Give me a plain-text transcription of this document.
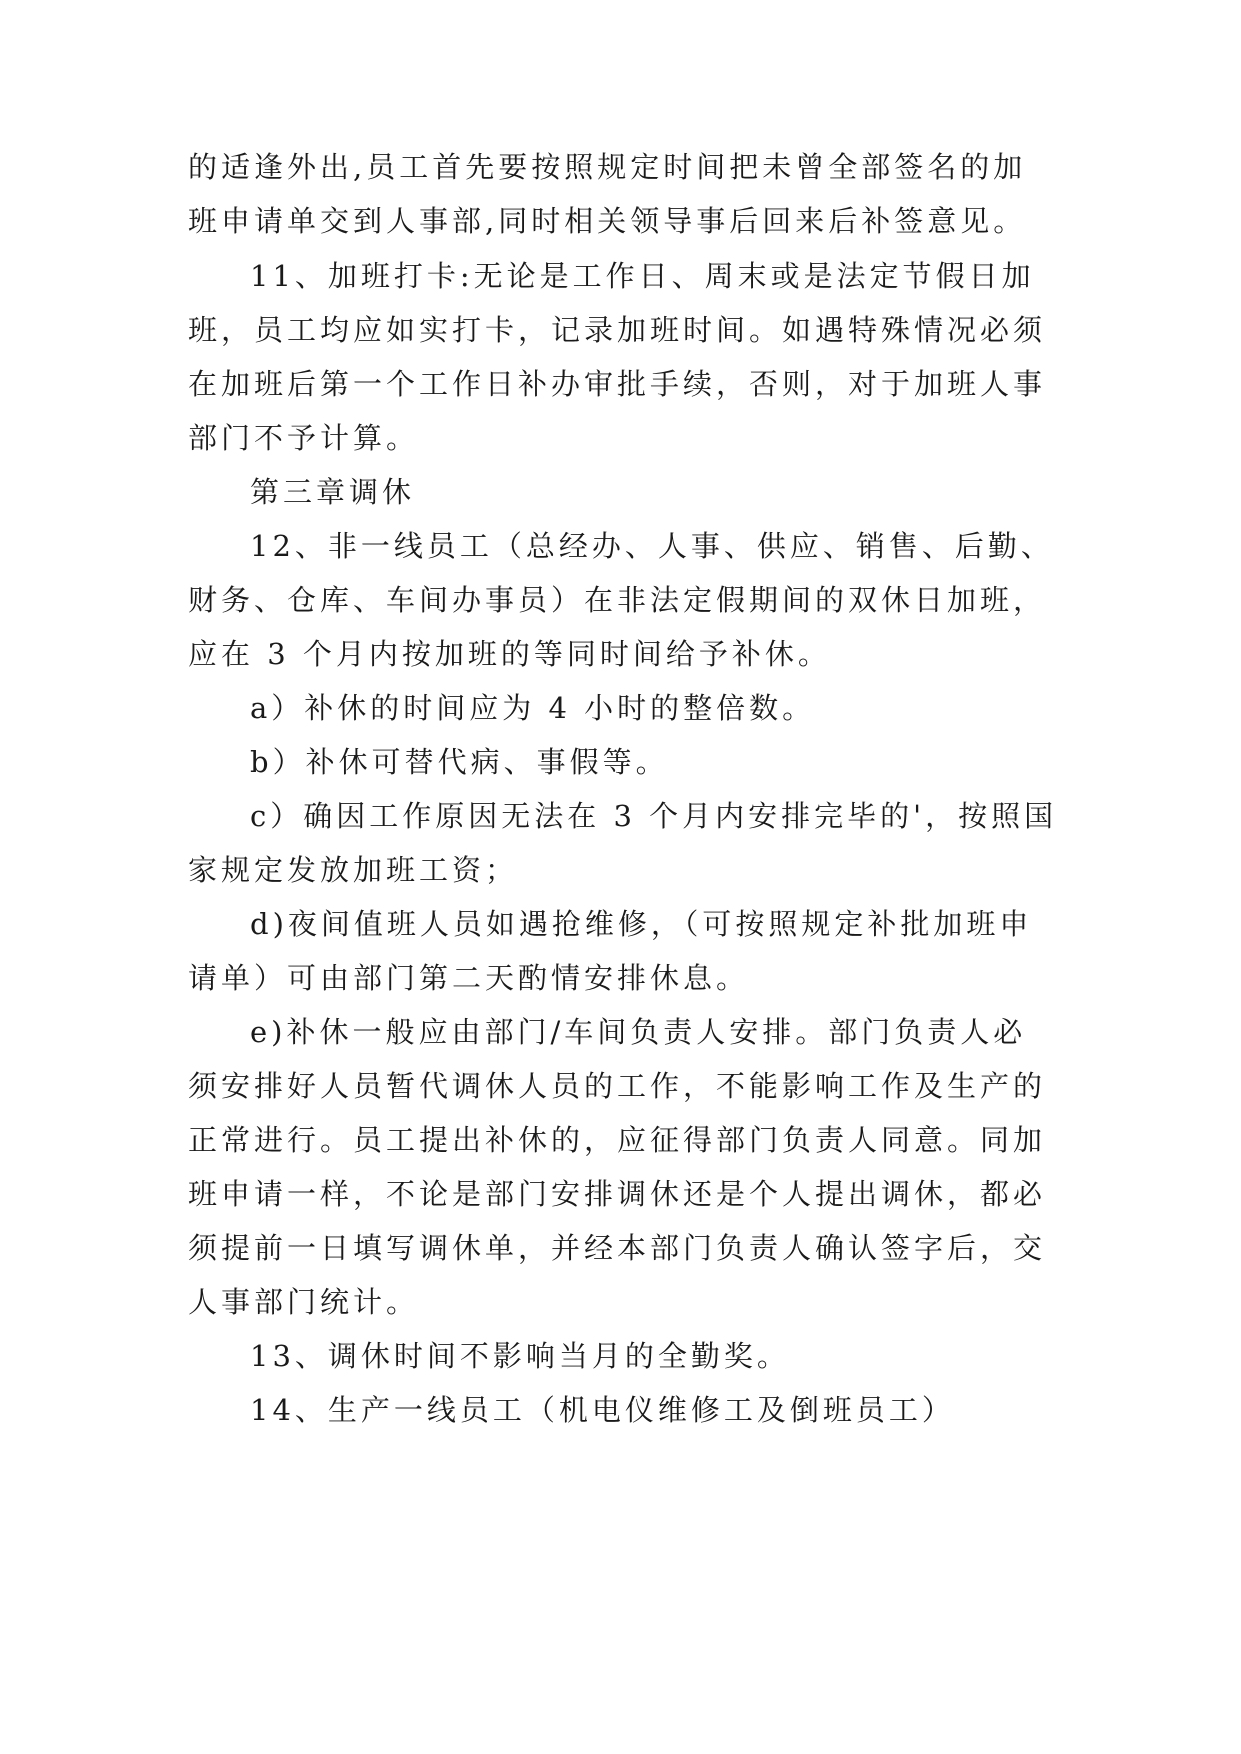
的适逢外出,员工首先要按照规定时间把未曾全部签名的加
班申请单交到人事部,同时相关领导事后回来后补签意见。
11、加班打卡:无论是工作日、周末或是法定节假日加
班，员工均应如实打卡，记录加班时间。如遇特殊情况必须
在加班后第一个工作日补办审批手续，否则，对于加班人事
部门不予计算。
第三章调休
12、非一线员工（总经办、人事、供应、销售、后勤、
财务、仓库、车间办事员）在非法定假期间的双休日加班，
应在 3 个月内按加班的等同时间给予补休。
a）补休的时间应为 4 小时的整倍数。
b）补休可替代病、事假等。
c）确因工作原因无法在 3 个月内安排完毕的'，按照国
家规定发放加班工资；
d)夜间值班人员如遇抢维修，（可按照规定补批加班申
请单）可由部门第二天酌情安排休息。
e)补休一般应由部门/车间负责人安排。部门负责人必
须安排好人员暂代调休人员的工作，不能影响工作及生产的
正常进行。员工提出补休的，应征得部门负责人同意。同加
班申请一样，不论是部门安排调休还是个人提出调休，都必
须提前一日填写调休单，并经本部门负责人确认签字后，交
人事部门统计。
13、调休时间不影响当月的全勤奖。
14、生产一线员工（机电仪维修工及倒班员工）
